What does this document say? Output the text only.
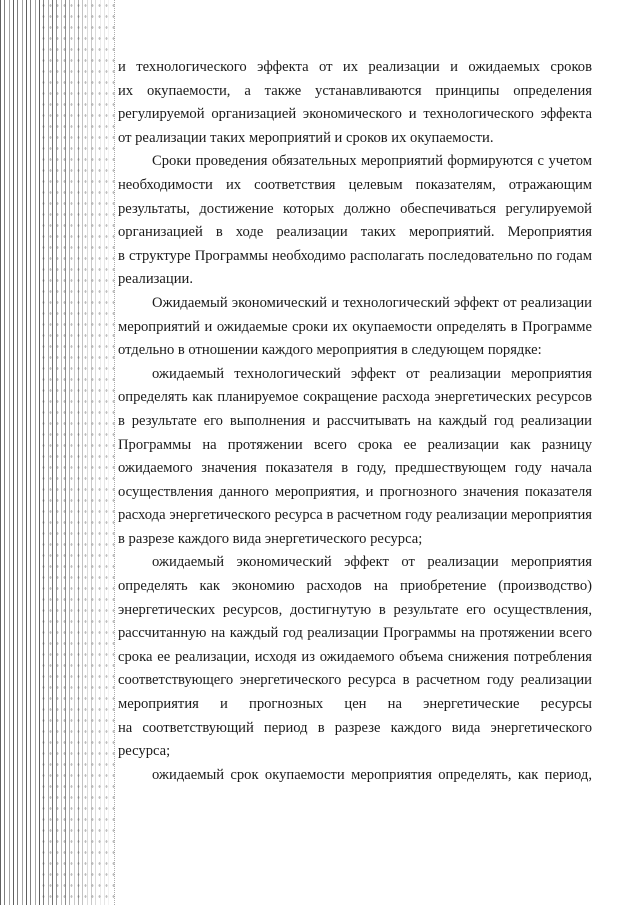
и технологического эффекта от их реализации и ожидаемых сроков

их окупаемости, а также устанавливаются принципы определения

регулируемой организацией экономического и технологического эффекта

от реализации таких мероприятий и сроков их окупаемости.

Сроки проведения обязательных мероприятий формируются с учетом

необходимости их соответствия целевым показателям, отражающим

результаты, достижение которых должно обеспечиваться регулируемой

организацией в ходе реализации таких мероприятий. Мероприятия

в структуре Программы необходимо располагать последовательно по годам

реализации.

Ожидаемый экономический и технологический эффект от реализации

мероприятий и ожидаемые сроки их окупаемости определять в Программе

отдельно в отношении каждого мероприятия в следующем порядке:

ожидаемый технологический эффект от реализации мероприятия

определять как планируемое сокращение расхода энергетических ресурсов

в результате его выполнения и рассчитывать на каждый год реализации

Программы на протяжении всего срока ее реализации как разницу

ожидаемого значения показателя в году, предшествующем году начала

осуществления данного мероприятия, и прогнозного значения показателя

расхода энергетического ресурса в расчетном году реализации мероприятия

в разрезе каждого вида энергетического ресурса;

ожидаемый экономический эффект от реализации мероприятия

определять как экономию расходов на приобретение (производство)

энергетических ресурсов, достигнутую в результате его осуществления,

рассчитанную на каждый год реализации Программы на протяжении всего

срока ее реализации, исходя из ожидаемого объема снижения потребления

соответствующего энергетического ресурса в расчетном году реализации

мероприятия и прогнозных цен на энергетические ресурсы

на соответствующий период в разрезе каждого вида энергетического ресурса;

ожидаемый срок окупаемости мероприятия определять, как период,
